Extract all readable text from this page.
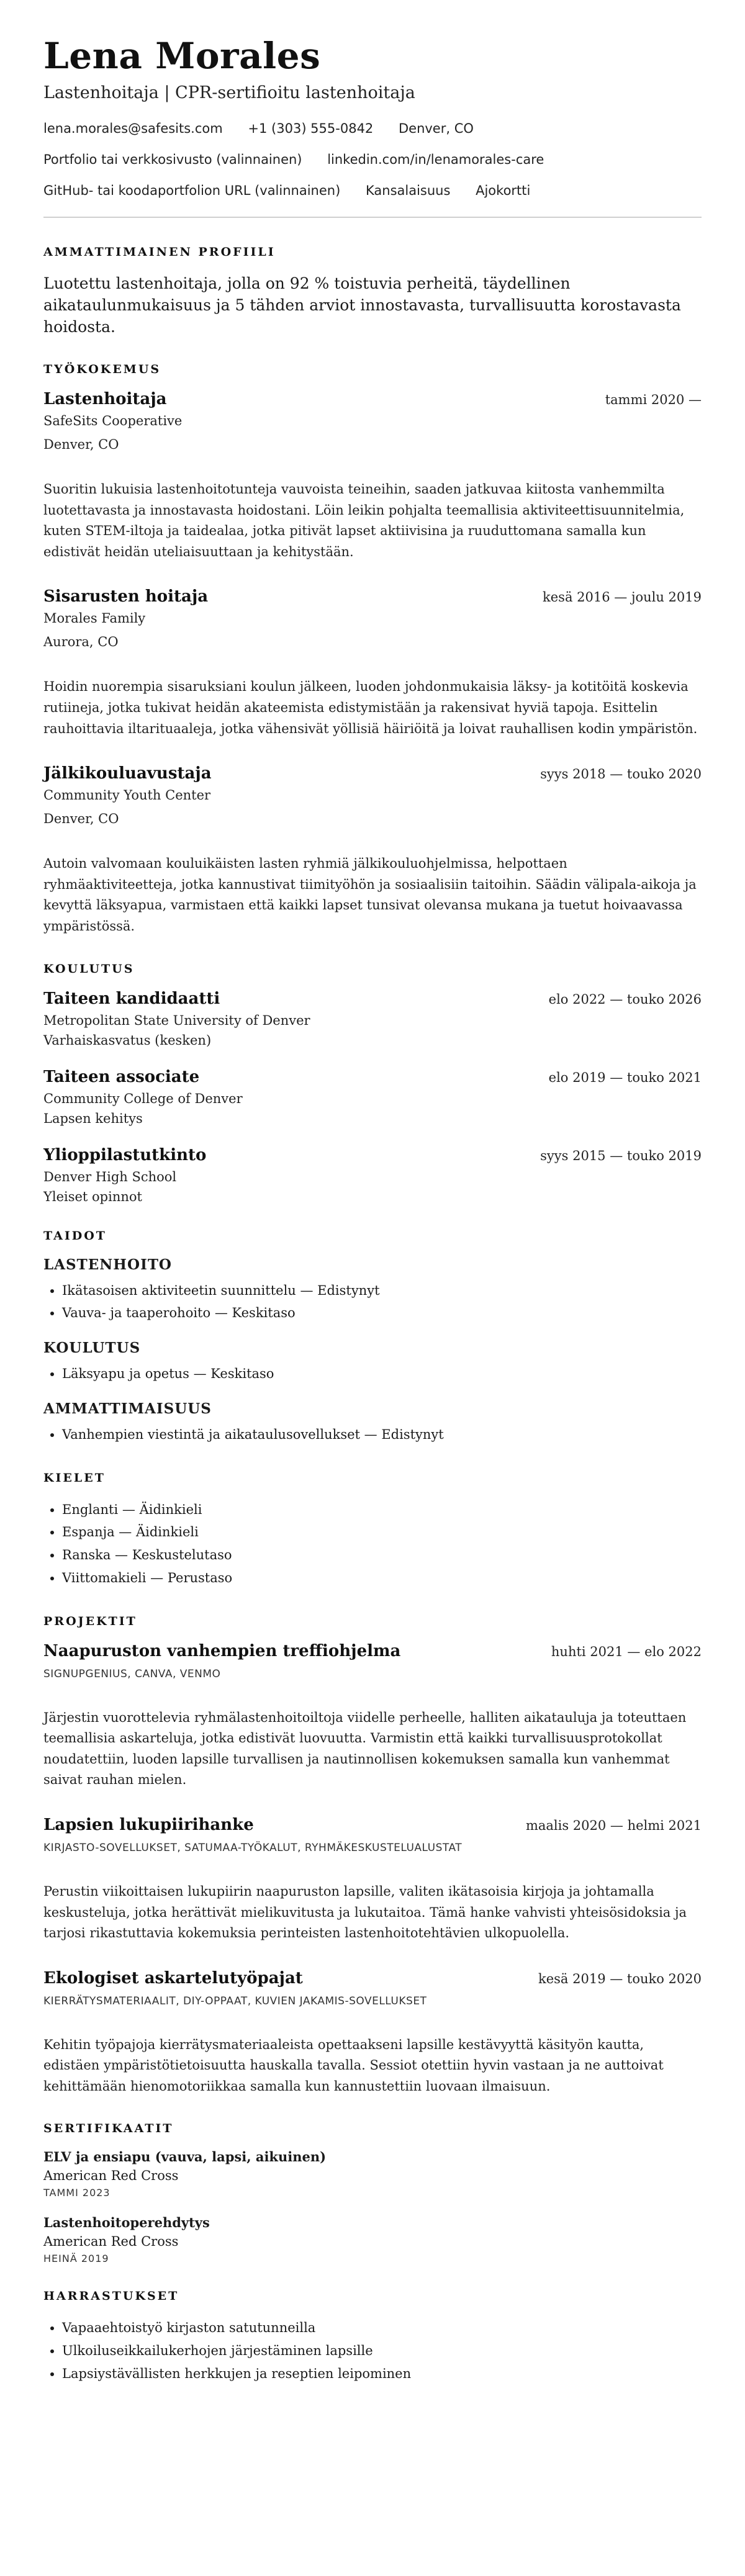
Lena Morales
Lastenhoitaja | CPR-sertifioitu lastenhoitaja
lena.morales@safesits.com +1 (303) 555-0842 Denver, CO
Portfolio tai verkkosivusto (valinnainen) linkedin.com/in/lenamorales-care
GitHub- tai koodaportfolion URL (valinnainen) Kansalaisuus Ajokortti
AMMATTIMAINEN PROFIILI

Luotettu lastenhoitaja, jolla on 92 % toistuvia perheitä, täydellinen aikataulunmukaisuus ja 5 tähden arviot innostavasta, turvallisuutta korostavasta hoidosta.

TYÖKOKEMUS
Lastenhoitaja	tammi 2020 —
SafeSits Cooperative
Denver, CO

Suoritin lukuisia lastenhoitotunteja vauvoista teineihin, saaden jatkuvaa kiitosta vanhemmilta luotettavasta ja innostavasta hoidostani. Löin leikin pohjalta teemallisia aktiviteettisuunnitelmia, kuten STEM-iltoja ja taidealaa, jotka pitivät lapset aktiivisina ja ruuduttomana samalla kun edistivät heidän uteliaisuuttaan ja kehitystään.

Sisarusten hoitaja	kesä 2016 — joulu 2019
Morales Family
Aurora, CO

Hoidin nuorempia sisaruksiani koulun jälkeen, luoden johdonmukaisia läksy- ja kotitöitä koskevia rutiineja, jotka tukivat heidän akateemista edistymistään ja rakensivat hyviä tapoja. Esittelin rauhoittavia iltarituaaleja, jotka vähensivät yöllisiä häiriöitä ja loivat rauhallisen kodin ympäristön.

Jälkikouluavustaja	syys 2018 — touko 2020
Community Youth Center
Denver, CO

Autoin valvomaan kouluikäisten lasten ryhmiä jälkikouluohjelmissa, helpottaen ryhmäaktiviteetteja, jotka kannustivat tiimityöhön ja sosiaalisiin taitoihin. Säädin välipala-aikoja ja kevyttä läksyapua, varmistaen että kaikki lapset tunsivat olevansa mukana ja tuetut hoivaavassa ympäristössä.

KOULUTUS
Taiteen kandidaatti	elo 2022 — touko 2026
Metropolitan State University of Denver
Varhaiskasvatus (kesken)
Taiteen associate	elo 2019 — touko 2021
Community College of Denver
Lapsen kehitys
Ylioppilastutkinto	syys 2015 — touko 2019
Denver High School
Yleiset opinnot
TAIDOT
LASTENHOITO
• Ikätasoisen aktiviteetin suunnittelu — Edistynyt
• Vauva- ja taaperohoito — Keskitaso
KOULUTUS
• Läksyapu ja opetus — Keskitaso
AMMATTIMAISUUS
• Vanhempien viestintä ja aikataulusovellukset — Edistynyt
KIELET
• Englanti — Äidinkieli
• Espanja — Äidinkieli
• Ranska — Keskustelutaso
• Viittomakieli — Perustaso
PROJEKTIT
Naapuruston vanhempien treffiohjelma	huhti 2021 — elo 2022
SIGNUPGENIUS, CANVA, VENMO

Järjestin vuorottelevia ryhmälastenhoitoiltoja viidelle perheelle, halliten aikatauluja ja toteuttaen teemallisia askarteluja, jotka edistivät luovuutta. Varmistin että kaikki turvallisuusprotokollat noudatettiin, luoden lapsille turvallisen ja nautinnollisen kokemuksen samalla kun vanhemmat saivat rauhan mielen.

Lapsien lukupiirihanke	maalis 2020 — helmi 2021
KIRJASTO-SOVELLUKSET, SATUMAA-TYÖKALUT, RYHMÄKESKUSTELUALUSTAT

Perustin viikoittaisen lukupiirin naapuruston lapsille, valiten ikätasoisia kirjoja ja johtamalla keskusteluja, jotka herättivät mielikuvitusta ja lukutaitoa. Tämä hanke vahvisti yhteisösidoksia ja tarjosi rikastuttavia kokemuksia perinteisten lastenhoitotehtävien ulkopuolella.

Ekologiset askartelutyöpajat	kesä 2019 — touko 2020
KIERRÄTYSMATERIAALIT, DIY-OPPAAT, KUVIEN JAKAMIS-SOVELLUKSET

Kehitin työpajoja kierrätysmateriaaleista opettaakseni lapsille kestävyyttä käsityön kautta, edistäen ympäristötietoisuutta hauskalla tavalla. Sessiot otettiin hyvin vastaan ja ne auttoivat kehittämään hienomotoriikkaa samalla kun kannustettiin luovaan ilmaisuun.

SERTIFIKAATIT
ELV ja ensiapu (vauva, lapsi, aikuinen)
American Red Cross
TAMMI 2023
Lastenhoitoperehdytys
American Red Cross
HEINÄ 2019
HARRASTUKSET
• Vapaaehtoistyö kirjaston satutunneilla
• Ulkoiluseikkailukerhojen järjestäminen lapsille
• Lapsiystävällisten herkkujen ja reseptien leipominen
